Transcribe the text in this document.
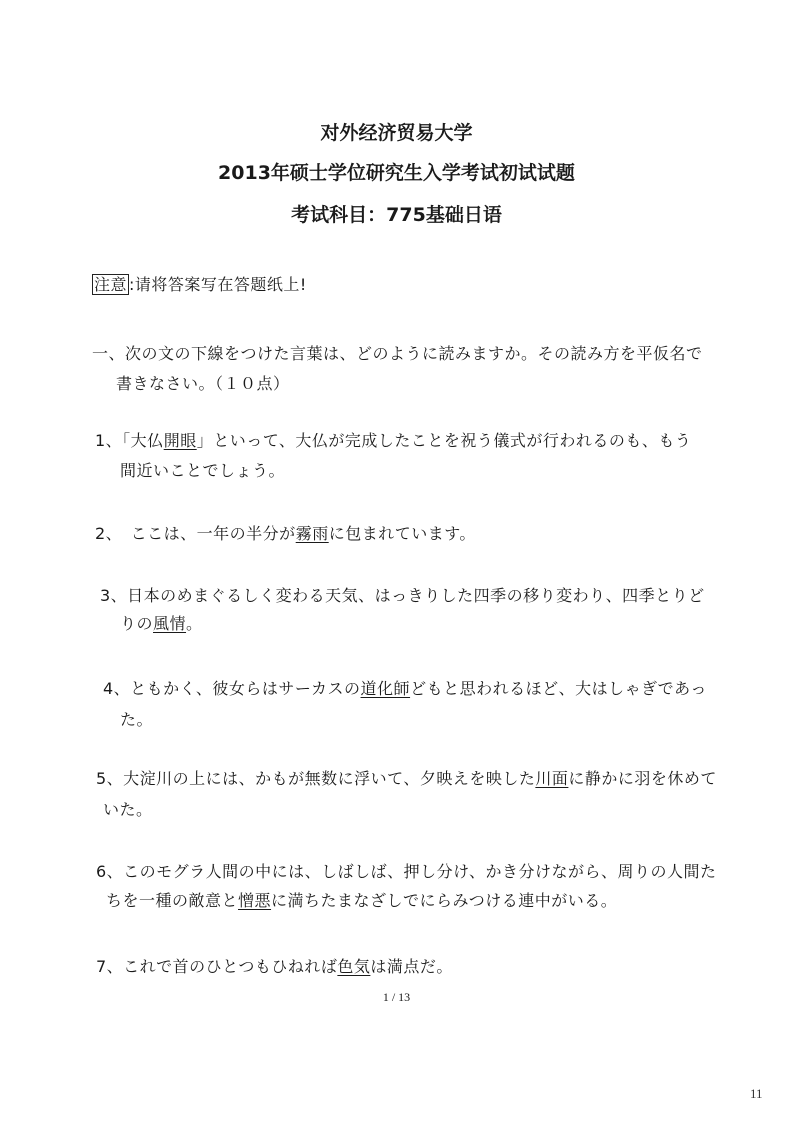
对外经济贸易大学
2013年硕士学位研究生入学考试初试试题
考试科目：775基础日语
注意 :请将答案写在答题纸上!
一、次の文の下線をつけた言葉は、どのように読みますか。その読み方を平仮名で
書きなさい。（１０点）
1、「大仏開眼」といって、大仏が完成したことを祝う儀式が行われるのも、もう
間近いことでしょう。
2、　ここは、一年の半分が霧雨に包まれています。
3、日本のめまぐるしく変わる天気、はっきりした四季の移り変わり、四季とりど
りの風情。
4、ともかく、彼女らはサーカスの道化師どもと思われるほど、大はしゃぎであっ
た。
5、大淀川の上には、かもが無数に浮いて、夕映えを映した川面に静かに羽を休めて
いた。
6、このモグラ人間の中には、しばしば、押し分け、かき分けながら、周りの人間た
ちを一種の敵意と憎悪に満ちたまなざしでにらみつける連中がいる。
7、これで首のひとつもひねれば色気は満点だ。
1 / 13
11
